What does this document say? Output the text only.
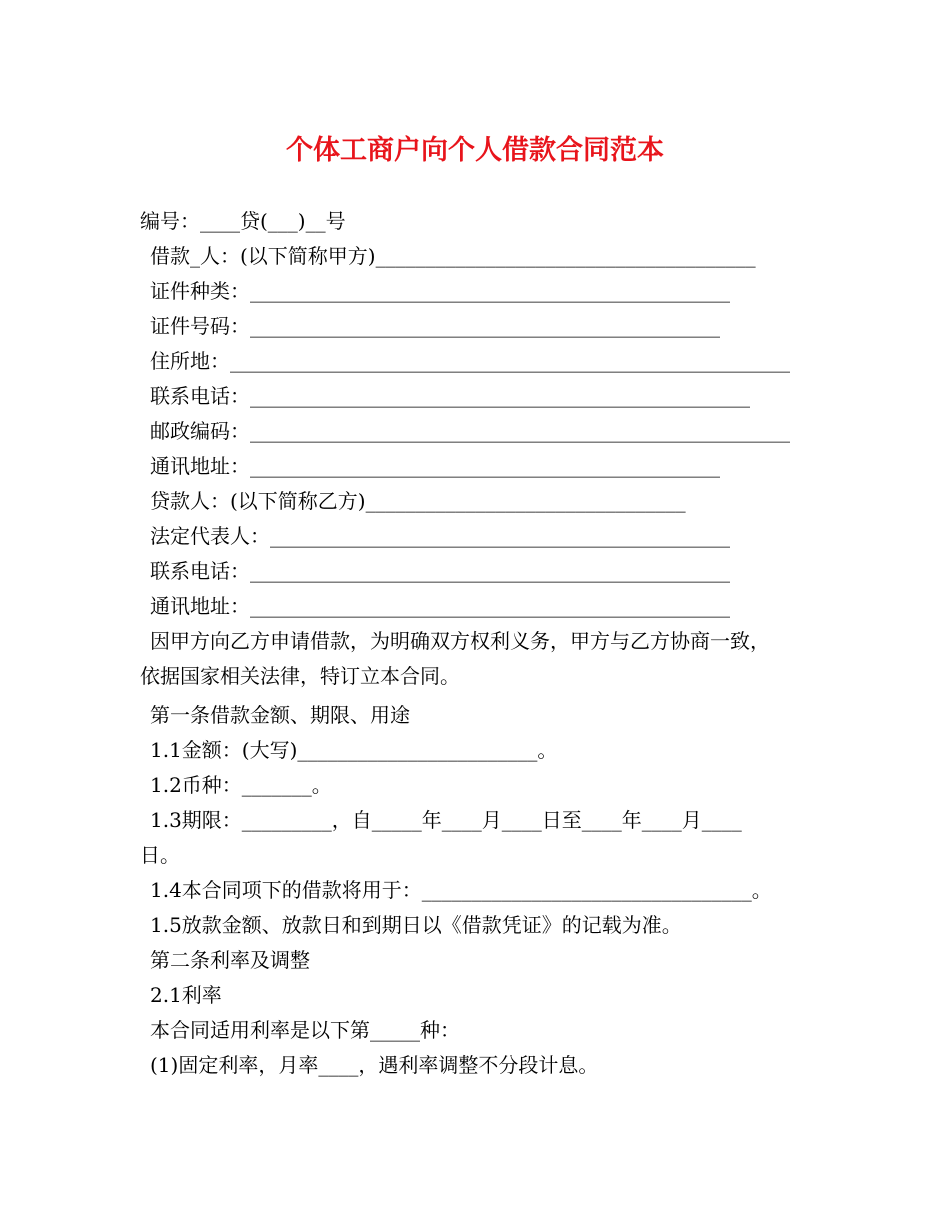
个体工商户向个人借款合同范本
编号：____贷(___)__号
借款_人：(以下简称甲方)______________________________________
证件种类：________________________________________________
证件号码：_______________________________________________
住所地：________________________________________________________
联系电话：__________________________________________________
邮政编码：______________________________________________________
通讯地址：_______________________________________________
贷款人：(以下简称乙方)________________________________
法定代表人：______________________________________________
联系电话：________________________________________________
通讯地址：________________________________________________
因甲方向乙方申请借款，为明确双方权利义务，甲方与乙方协商一致，
依据国家相关法律，特订立本合同。
第一条借款金额、期限、用途
1.1金额：(大写)________________________。
1.2币种：_______。
1.3期限：_________，自_____年____月____日至____年____月____
日。
1.4本合同项下的借款将用于：_________________________________。
1.5放款金额、放款日和到期日以《借款凭证》的记载为准。
第二条利率及调整
2.1利率
本合同适用利率是以下第_____种：
(1)固定利率，月率____，遇利率调整不分段计息。
